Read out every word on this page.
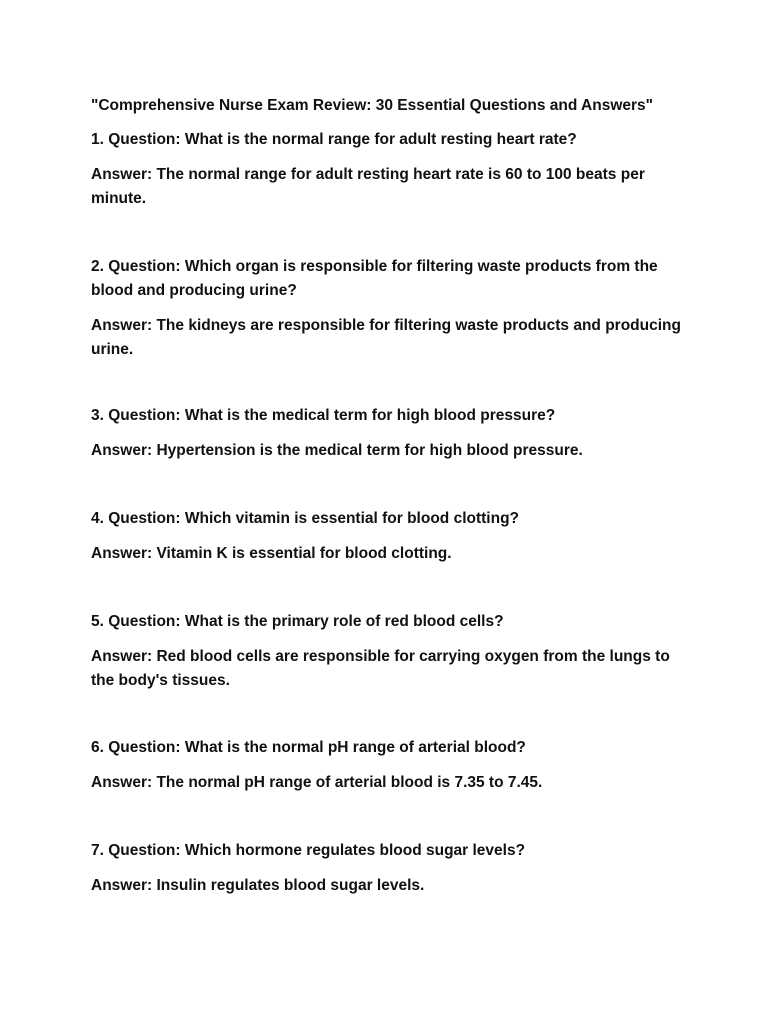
"Comprehensive Nurse Exam Review: 30 Essential Questions and Answers"

1. Question: What is the normal range for adult resting heart rate?

Answer: The normal range for adult resting heart rate is 60 to 100 beats per minute.

2. Question: Which organ is responsible for filtering waste products from the blood and producing urine?

Answer: The kidneys are responsible for filtering waste products and producing urine.

3. Question: What is the medical term for high blood pressure?

Answer: Hypertension is the medical term for high blood pressure.

4. Question: Which vitamin is essential for blood clotting?

Answer: Vitamin K is essential for blood clotting.

5. Question: What is the primary role of red blood cells?

Answer: Red blood cells are responsible for carrying oxygen from the lungs to the body's tissues.

6. Question: What is the normal pH range of arterial blood?

Answer: The normal pH range of arterial blood is 7.35 to 7.45.

7. Question: Which hormone regulates blood sugar levels?

Answer: Insulin regulates blood sugar levels.
